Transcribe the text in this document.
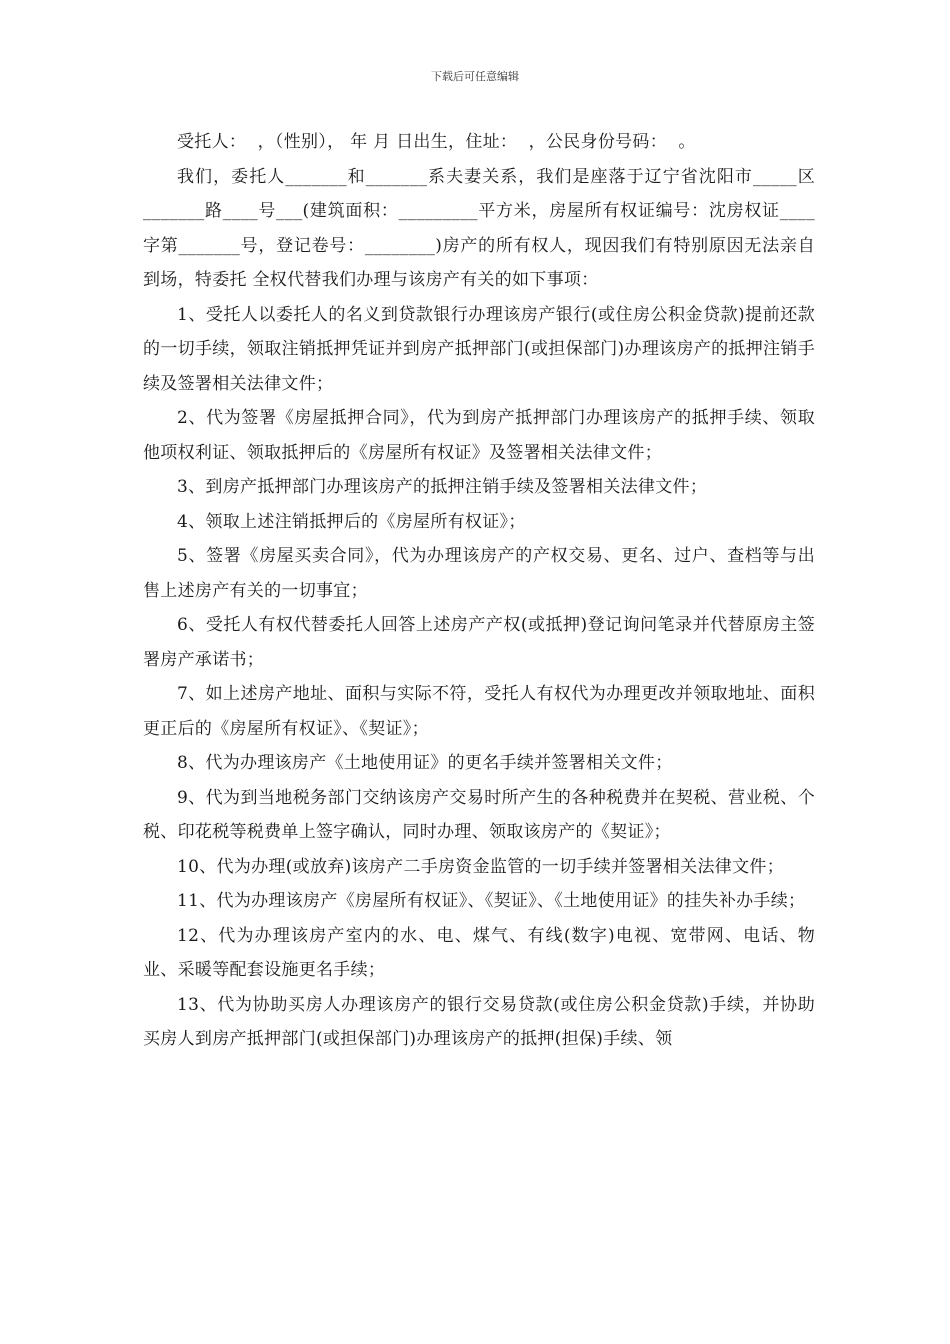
下载后可任意编辑

受托人：  ，（性别）， 年 月 日出生，住址：  ，公民身份号码：  。

我们，委托人_______和_______系夫妻关系，我们是座落于辽宁省沈阳市_____区_______路____号___(建筑面积：_________平方米，房屋所有权证编号：沈房权证____字第_______号，登记卷号：________)房产的所有权人，现因我们有特别原因无法亲自到场，特委托 全权代替我们办理与该房产有关的如下事项：

1、受托人以委托人的名义到贷款银行办理该房产银行(或住房公积金贷款)提前还款的一切手续，领取注销抵押凭证并到房产抵押部门(或担保部门)办理该房产的抵押注销手续及签署相关法律文件；

2、代为签署《房屋抵押合同》，代为到房产抵押部门办理该房产的抵押手续、领取他项权利证、领取抵押后的《房屋所有权证》及签署相关法律文件；

3、到房产抵押部门办理该房产的抵押注销手续及签署相关法律文件；

4、领取上述注销抵押后的《房屋所有权证》；

5、签署《房屋买卖合同》，代为办理该房产的产权交易、更名、过户、查档等与出售上述房产有关的一切事宜；

6、受托人有权代替委托人回答上述房产产权(或抵押)登记询问笔录并代替原房主签署房产承诺书；

7、如上述房产地址、面积与实际不符，受托人有权代为办理更改并领取地址、面积更正后的《房屋所有权证》、《契证》；

8、代为办理该房产《土地使用证》的更名手续并签署相关文件；

9、代为到当地税务部门交纳该房产交易时所产生的各种税费并在契税、营业税、个税、印花税等税费单上签字确认，同时办理、领取该房产的《契证》；

10、代为办理(或放弃)该房产二手房资金监管的一切手续并签署相关法律文件；

11、代为办理该房产《房屋所有权证》、《契证》、《土地使用证》的挂失补办手续；

12、代为办理该房产室内的水、电、煤气、有线(数字)电视、宽带网、电话、物业、采暖等配套设施更名手续；

13、代为协助买房人办理该房产的银行交易贷款(或住房公积金贷款)手续，并协助买房人到房产抵押部门(或担保部门)办理该房产的抵押(担保)手续、领
